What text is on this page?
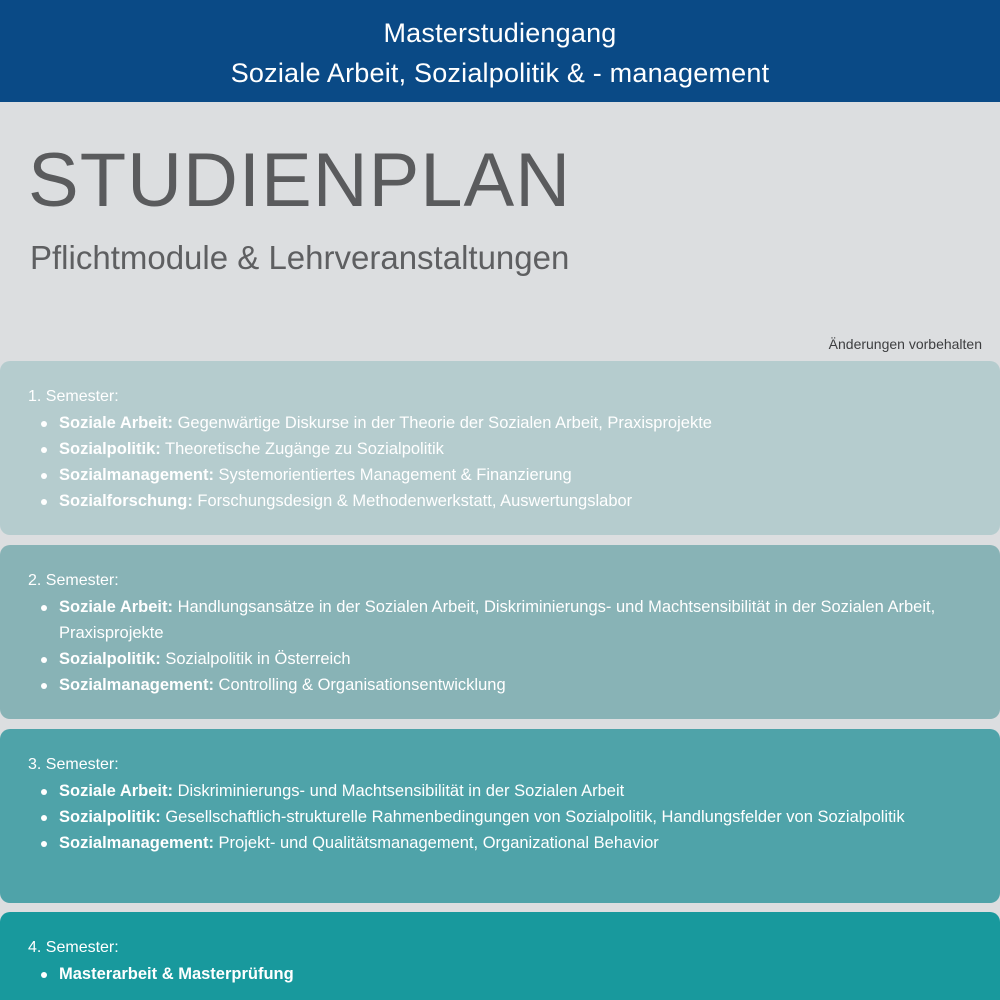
Masterstudiengang
Soziale Arbeit, Sozialpolitik & - management
STUDIENPLAN
Pflichtmodule & Lehrveranstaltungen
Änderungen vorbehalten
1. Semester:
Soziale Arbeit: Gegenwärtige Diskurse in der Theorie der Sozialen Arbeit, Praxisprojekte
Sozialpolitik: Theoretische Zugänge zu Sozialpolitik
Sozialmanagement: Systemorientiertes Management & Finanzierung
Sozialforschung: Forschungsdesign & Methodenwerkstatt, Auswertungslabor
2. Semester:
Soziale Arbeit: Handlungsansätze in der Sozialen Arbeit, Diskriminierungs- und Machtsensibilität in der Sozialen Arbeit, Praxisprojekte
Sozialpolitik: Sozialpolitik in Österreich
Sozialmanagement: Controlling & Organisationsentwicklung
3. Semester:
Soziale Arbeit: Diskriminierungs- und Machtsensibilität in der Sozialen Arbeit
Sozialpolitik: Gesellschaftlich-strukturelle Rahmenbedingungen von Sozialpolitik, Handlungsfelder von Sozialpolitik
Sozialmanagement: Projekt- und Qualitätsmanagement, Organizational Behavior
4. Semester:
Masterarbeit & Masterprüfung
